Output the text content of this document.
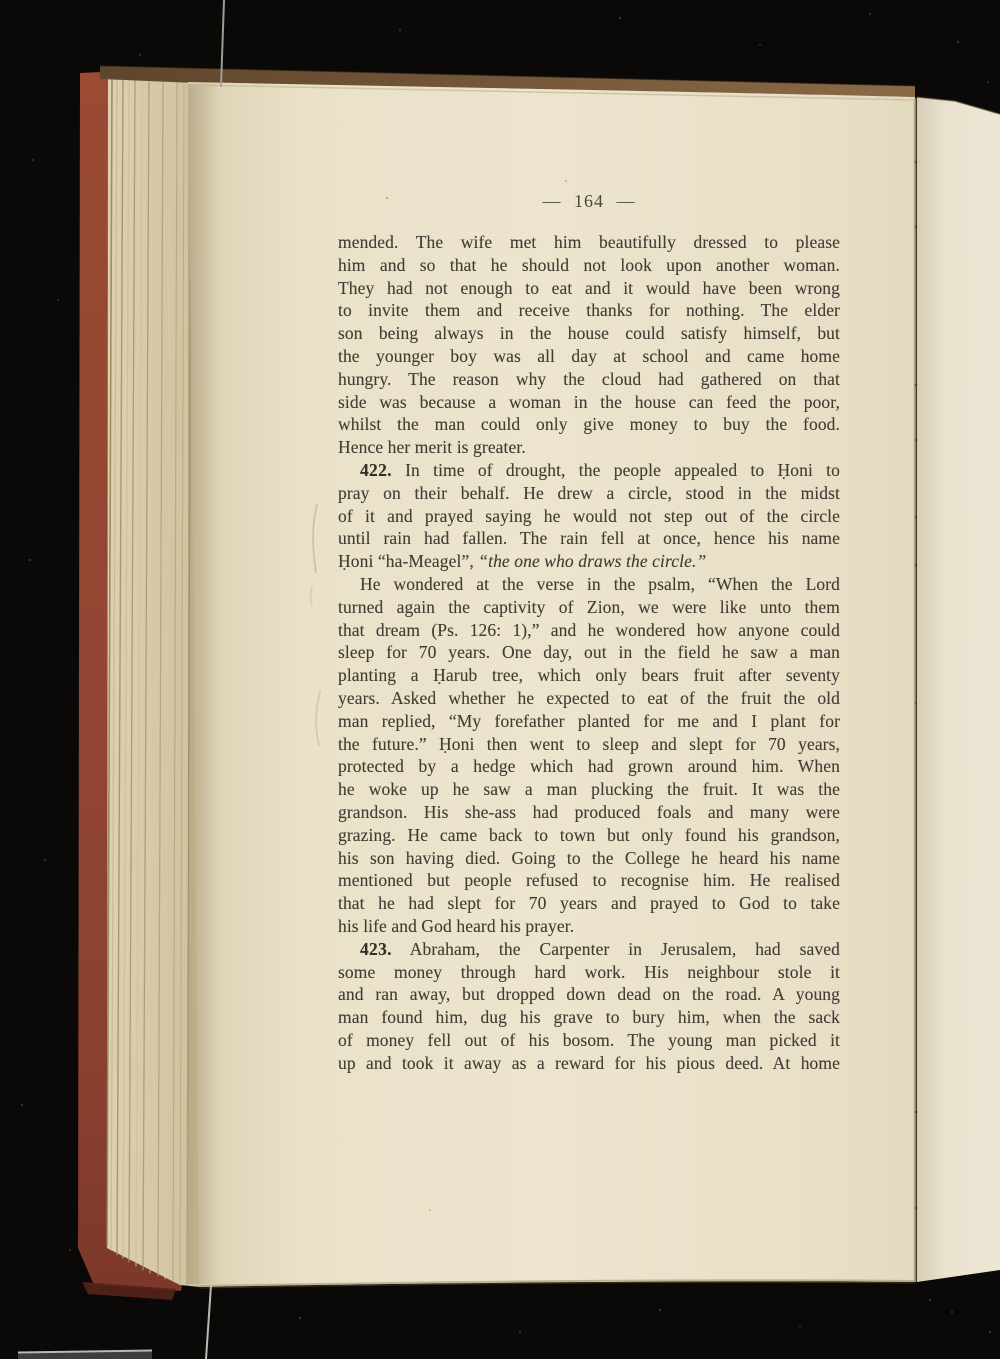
— 164 —
mended. The wife met him beautifully dressed to please
him and so that he should not look upon another woman.
They had not enough to eat and it would have been wrong
to invite them and receive thanks for nothing. The elder
son being always in the house could satisfy himself, but
the younger boy was all day at school and came home
hungry. The reason why the cloud had gathered on that
side was because a woman in the house can feed the poor,
whilst the man could only give money to buy the food.
Hence her merit is greater.
422. In time of drought, the people appealed to Ḥoni to
pray on their behalf. He drew a circle, stood in the midst
of it and prayed saying he would not step out of the circle
until rain had fallen. The rain fell at once, hence his name
Ḥoni “ha-Meagel”, “the one who draws the circle.”
He wondered at the verse in the psalm, “When the Lord
turned again the captivity of Zion, we were like unto them
that dream (Ps. 126: 1),” and he wondered how anyone could
sleep for 70 years. One day, out in the field he saw a man
planting a Ḥarub tree, which only bears fruit after seventy
years. Asked whether he expected to eat of the fruit the old
man replied, “My forefather planted for me and I plant for
the future.” Ḥoni then went to sleep and slept for 70 years,
protected by a hedge which had grown around him. When
he woke up he saw a man plucking the fruit. It was the
grandson. His she-ass had produced foals and many were
grazing. He came back to town but only found his grandson,
his son having died. Going to the College he heard his name
mentioned but people refused to recognise him. He realised
that he had slept for 70 years and prayed to God to take
his life and God heard his prayer.
423. Abraham, the Carpenter in Jerusalem, had saved
some money through hard work. His neighbour stole it
and ran away, but dropped down dead on the road. A young
man found him, dug his grave to bury him, when the sack
of money fell out of his bosom. The young man picked it
up and took it away as a reward for his pious deed. At home
